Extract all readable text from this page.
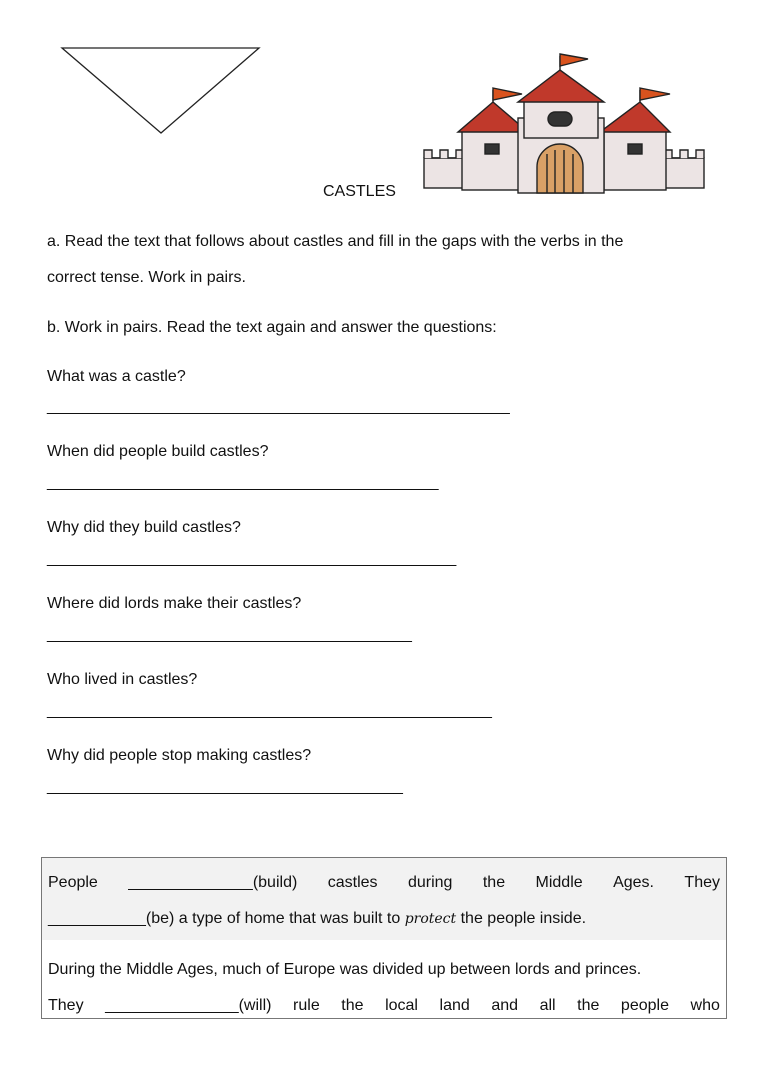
CASTLES
a. Read the text that follows about castles and fill in the gaps with the verbs in the
correct tense. Work in pairs.
b. Work in pairs. Read the text again and answer the questions:
What was a castle?
____________________________________________________
When did people build castles?
____________________________________________
Why did they build castles?
______________________________________________
Where did lords make their castles?
_________________________________________
Who lived in castles?
__________________________________________________
Why did people stop making castles?
________________________________________
People ______________(build) castles during the Middle Ages. They
___________(be) a type of home that was built to protect the people inside.
During the Middle Ages, much of Europe was divided up between lords and princes.
They _______________(will) rule the local land and all the people who
